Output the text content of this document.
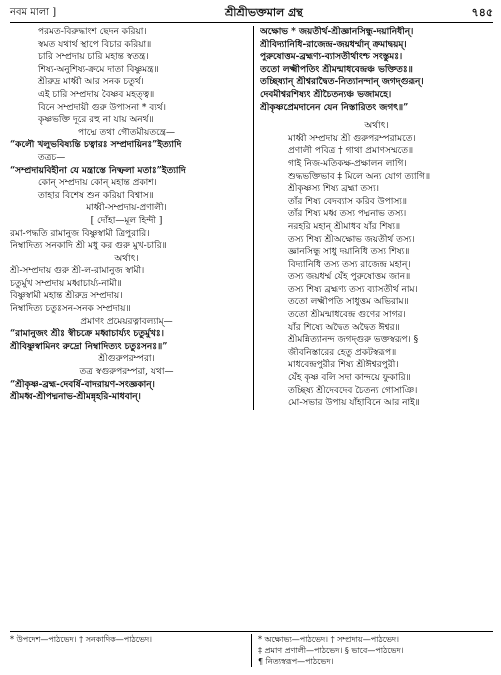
নবম মালা ]	শ্রীশ্রীভক্তমাল গ্রন্থ	৭৪৫
পরমত-বিরুদ্ধাংশ ছেদন করিয়া।
স্বমত যথার্থ স্থাপে বিচার করিয়া॥
চারি সম্প্রদায় চারি মহান্ত স্বতন্ত্র।
শিষ্য-অনুশিষ্য-ক্রমে দাতা বিষ্ণুমন্ত্র॥
শ্রীরুদ্র মাধ্বী আর সনক চতুর্থ।
এই চারি সম্প্রদায় বৈষ্ণব মহত্ত্ব॥
বিনে সম্প্রদায়ী গুরু উপাসনা * ব্যর্থ।
কৃষ্ণভক্তি দূরে রহু না যায় অনর্থ॥
পাদ্মে তথা গৌতমীয়তন্ত্রে—
“কলৌ খলুভবিষ্যন্তি চত্বারঃ সম্প্রদায়িনঃ”ইত্যাদি
তত্রচ—
“সম্প্রদায়বিহীনা যে মন্ত্রাস্তে নিষ্ফলা মতাঃ”ইত্যাদি
কোন্ সম্প্রদায় কোন্ মহান্ত প্রকাশ।
তাহার বিশেষ শুন করিয়া বিশ্বাস॥
মাধ্বী-সম্প্রদায়-প্রণালী।
[ দোঁহা—মূল হিন্দী ]
রমা-পদ্ধতি রামানুজ বিষ্ণুস্বামী ত্রিপুরারি।
নিম্বাদিত্য সনকাদি শ্রী মধু কর গুরু মুখ-চারি॥
অর্থাৎ।
শ্রী-সম্প্রদায় গুরু শ্রী-ল-রামানুজ স্বামী।
চতুর্মুখ সম্প্রদায় মধ্বাচার্য্য-নামী॥
বিষ্ণুস্বামী মহান্ত শ্রীরুদ্র সম্প্রদায়।
নিম্বাদিত্য চতুঃসন-সনক সম্প্রদায়॥
প্রমাণং প্রমেয়রত্নাবল্যাম্—
“রামানুজং শ্রীঃ স্বীচক্রে মধ্বাচার্য্যং চতুর্মুখঃ।
শ্রীবিষ্ণুস্বামিনং রুদ্রো নিম্বাদিত্যং চতুঃসনঃ॥”
শ্রীগুরুপরম্পরা।
তত্র স্বগুরুপরম্পরা, যথা—
“শ্রীকৃষ্ণ-ব্রহ্ম-দেবর্ষি-বাদরায়ণ-সংজ্ঞকান্।
শ্রীমধ্ব-শ্রীপদ্মনাভ-শ্রীমন্নৃহরি-মাধবান্।
অক্ষোভ * জয়তীর্থ-শ্রীজ্ঞানসিন্ধু-দয়ানিধীন্।
শ্রীবিদ্যানিধি-রাজেন্দ্র-জয়ধর্ম্মান্ ক্রমাদ্বয়ম্।
পুরুষোত্তম-ব্রহ্মণ্য-ব্যাসতীর্থাংশ্চ সংস্তুমঃ।
ততো লক্ষ্মীপতিং শ্রীমন্মাধবেন্দ্রঞ্চ ভক্তিতঃ॥
তচ্ছিষ্যান্ শ্রীশ্বরাদ্বৈত-নিত্যানন্দান্ জগদ্গুরূন্।
দেবমীশ্বরশিষ্যং শ্রীচৈতন্যঞ্চ ভজামহে।
শ্রীকৃষ্ণপ্রেমদানেন যেন নিস্তারিতং জগৎ॥”
অর্থাৎ।
মাধ্বী সম্প্রদায় শ্রী গুরুপরম্পরামতে।
প্রণালী পবিত্র † গাথা প্রমাণসম্মতে॥
গাই নিজ-মতিকক্ষ-প্রক্ষালন লাগি।
শুদ্ধভক্তিভাব ‡ মিলে অন্য যোগ ত্যাগি॥
শ্রীকৃষ্ণস্য শিষ্য ব্রহ্মা তস্য।
তাঁর শিষ্য বেদব্যাস করিব উপাস্য॥
তাঁর শিষ্য মধ্ব তস্য পদ্মনাভ তস্য।
নরহরি মহান্ শ্রীমাধব যাঁর শিষ্য॥
তস্য শিষ্য শ্রীঅক্ষোভ জয়তীর্থ তস্য।
জ্ঞানসিন্ধু সাধু দয়ানিধি তস্য শিষ্য॥
বিদ্যানিধি তস্য তস্য রাজেন্দ্র মহান্।
তস্য জয়ধর্ম্ম যেঁহ পুরুষোত্তম জান॥
তস্য শিষ্য ব্রহ্মণ্য তস্য ব্যাসতীর্থ নাম।
ততো লক্ষ্মীপতি সাধুত্তম অভিরাম॥
ততো শ্রীমন্মাধবেন্দ্র গুণের সাগর।
যাঁর শিষ্যে অদ্বৈত অদ্বৈত ঈশ্বর॥
শ্রীমন্নিত্যানন্দ জগদ্গুরু ভক্তস্বরূপ। §
জীবনিস্তারের হেতু প্রকটস্বরূপ॥
মাধবেন্দ্রপুরীর শিষ্য শ্রীঈশ্বরপুরী।
যেঁহ কৃষ্ণ বলি সদা কান্দয়ে ফুকারি॥
তচ্ছিষ্য শ্রীদেবদেব চৈতন্য গোসাঞি।
মো-সভার উপায় যাঁহাবিনে আর নাই॥
* উপদেশ—পাঠভেদ। † সনকাদিক—পাঠভেদ।	* অক্ষোভ্য—পাঠভেদ। † সম্প্রদায়—পাঠভেদ।
‡ প্রমাণ প্রণালী—পাঠভেদ। § ভাবে—পাঠভেদ।
¶ নিত্যস্বরূপ—পাঠভেদ।
